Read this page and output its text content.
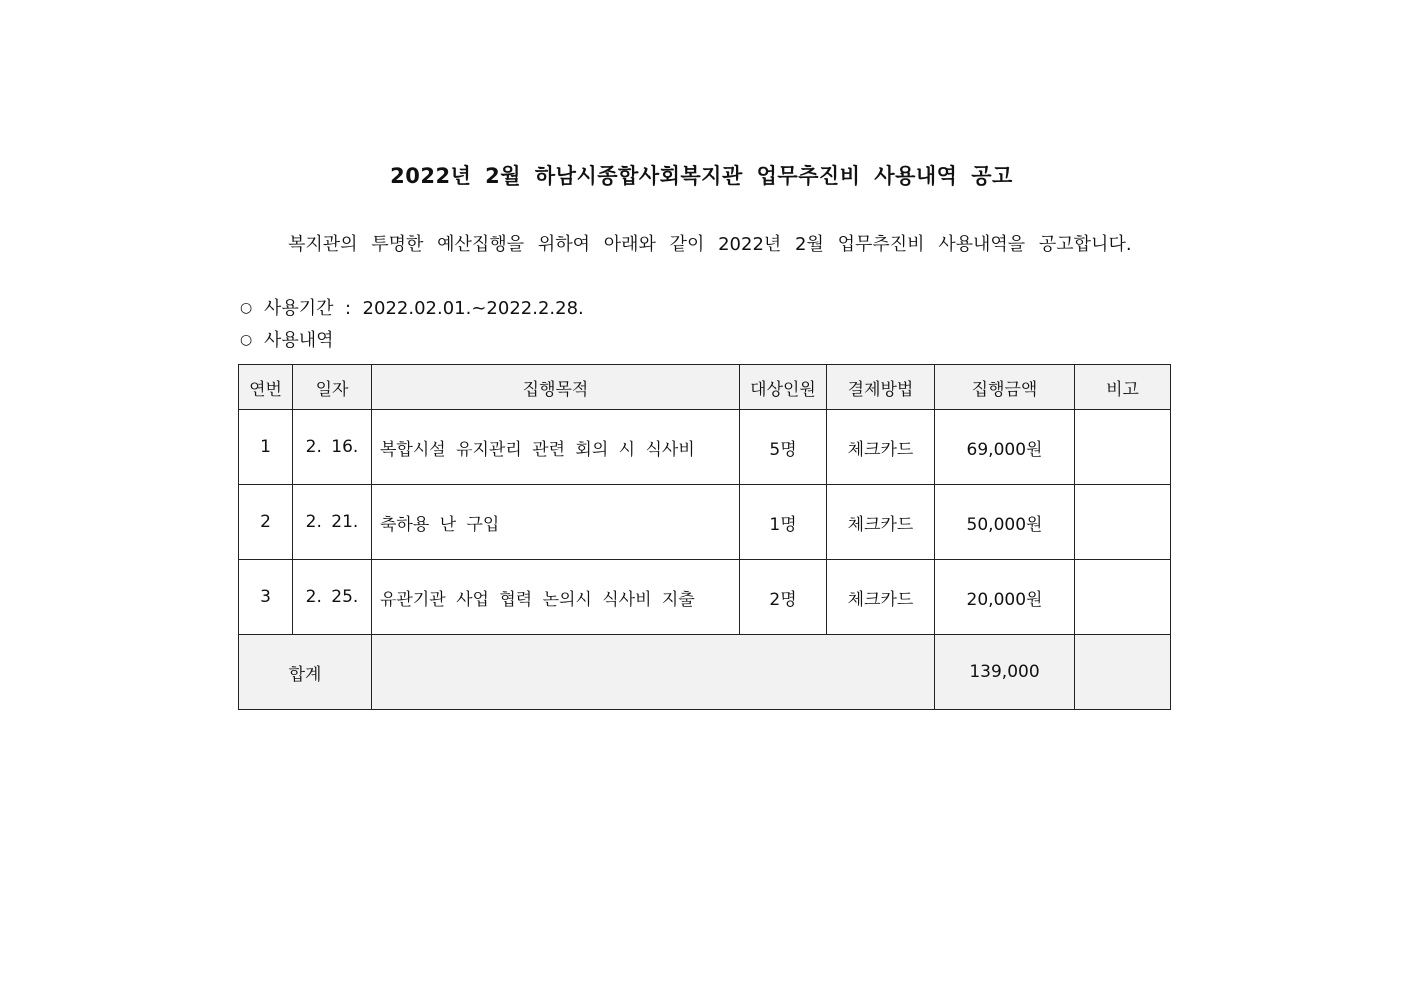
2022년 2월 하남시종합사회복지관 업무추진비 사용내역 공고
복지관의 투명한 예산집행을 위하여 아래와 같이 2022년 2월 업무추진비 사용내역을 공고합니다.
○ 사용기간 : 2022.02.01.~2022.2.28.
○ 사용내역
연번	일자	집행목적	대상인원	결제방법	집행금액	비고
1	2. 16.	복합시설 유지관리 관련 회의 시 식사비	5명	체크카드	69,000원	
2	2. 21.	축하용 난 구입	1명	체크카드	50,000원	
3	2. 25.	유관기관 사업 협력 논의시 식사비 지출	2명	체크카드	20,000원	
합계					139,000	
